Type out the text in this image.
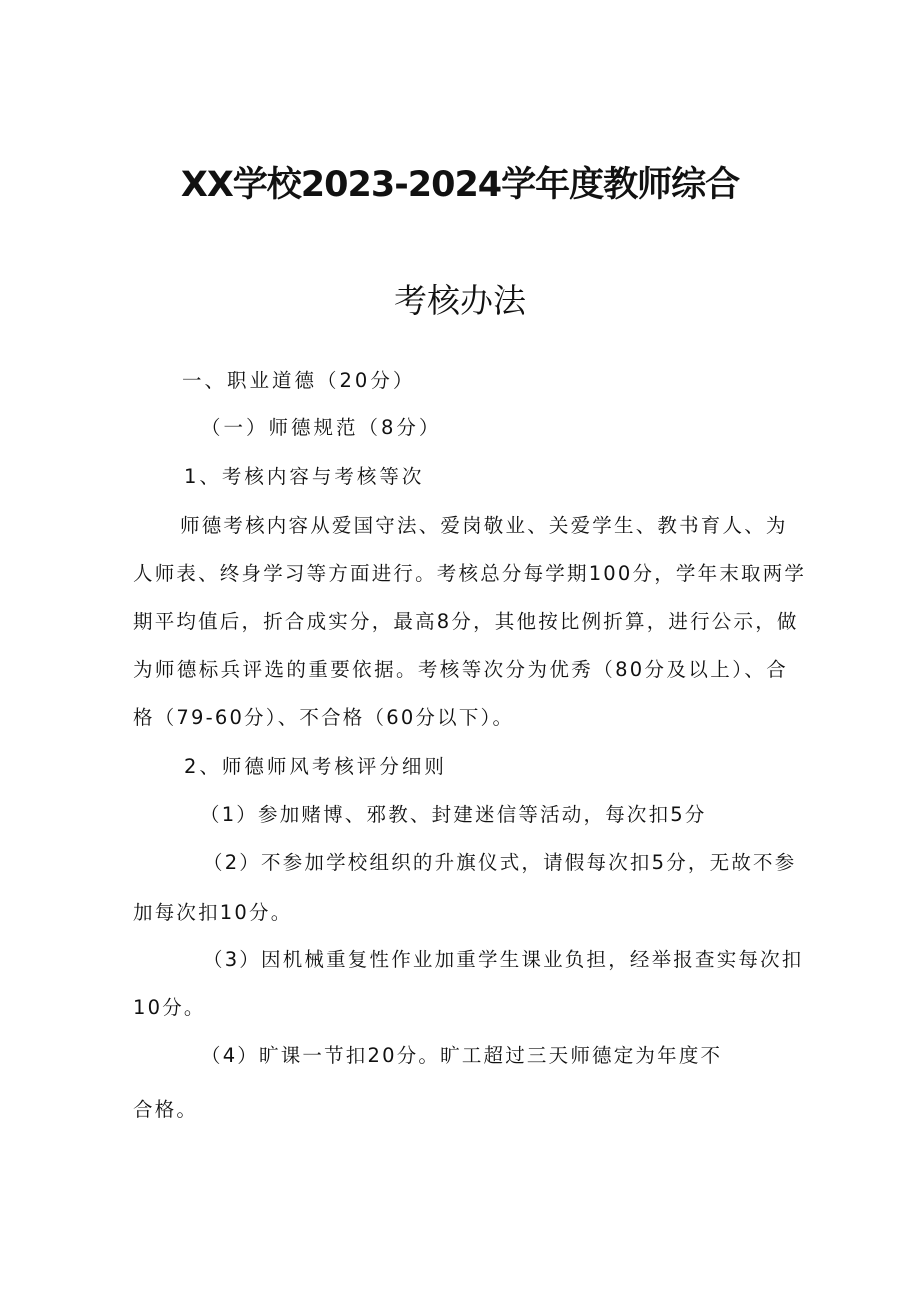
XX学校2023-2024学年度教师综合
考核办法
一、职业道德（20分）
（一）师德规范（8分）
1、考核内容与考核等次
师德考核内容从爱国守法、爱岗敬业、关爱学生、教书育人、为
人师表、终身学习等方面进行。考核总分每学期100分，学年末取两学
期平均值后，折合成实分，最高8分，其他按比例折算，进行公示，做
为师德标兵评选的重要依据。考核等次分为优秀（80分及以上）、合
格（79-60分）、不合格（60分以下）。
2、师德师风考核评分细则
（1）参加赌博、邪教、封建迷信等活动，每次扣5分
（2）不参加学校组织的升旗仪式，请假每次扣5分，无故不参
加每次扣10分。
（3）因机械重复性作业加重学生课业负担，经举报查实每次扣
10分。
（4）旷课一节扣20分。旷工超过三天师德定为年度不
合格。
